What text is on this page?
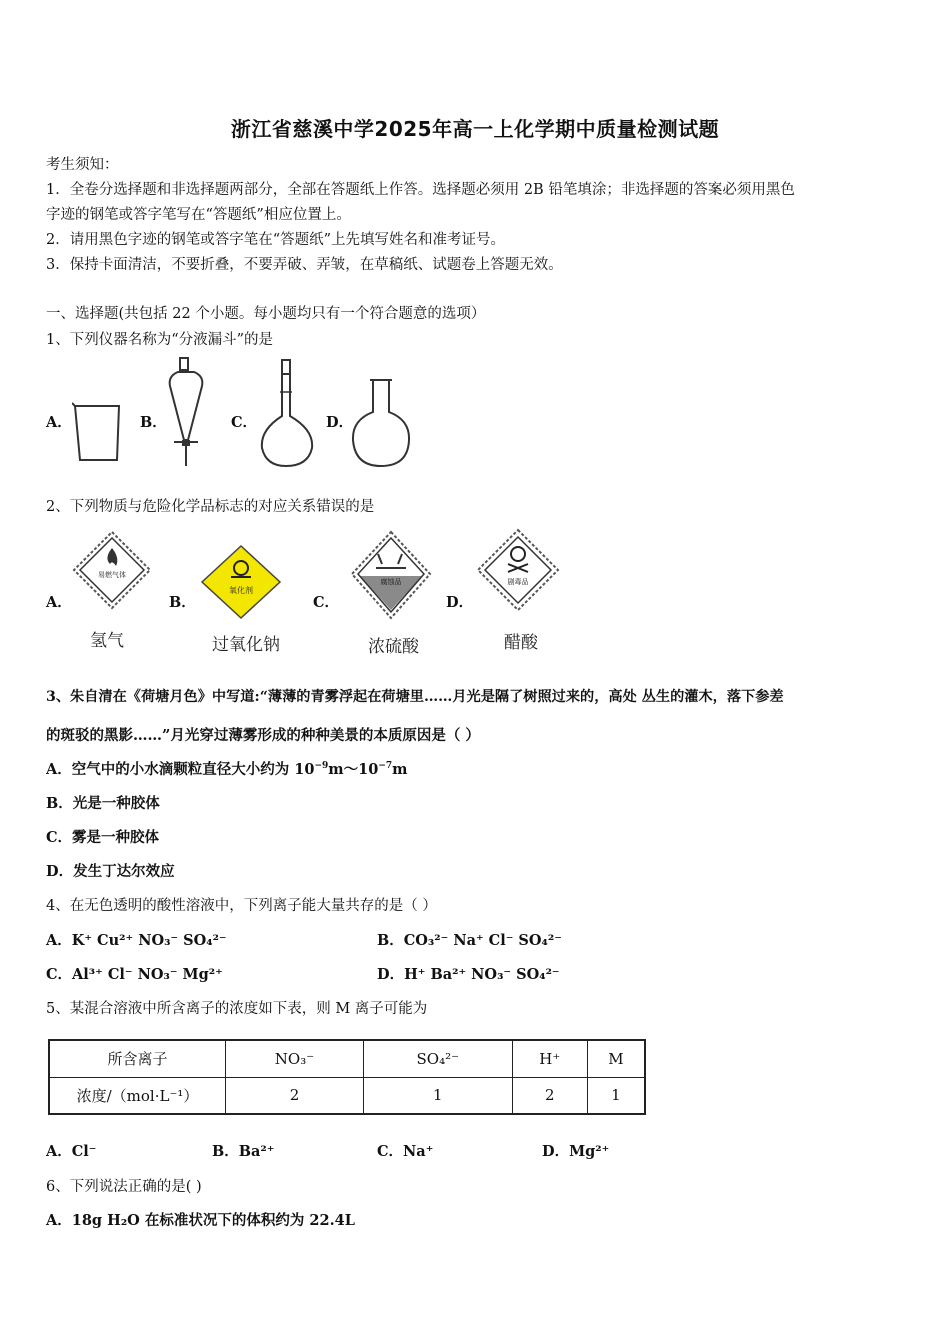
浙江省慈溪中学2025年高一上化学期中质量检测试题
考生须知：
1．全卷分选择题和非选择题两部分，全部在答题纸上作答。选择题必须用 2B 铅笔填涂；非选择题的答案必须用黑色
字迹的钢笔或答字笔写在“答题纸”相应位置上。
2．请用黑色字迹的钢笔或答字笔在“答题纸”上先填写姓名和准考证号。
3．保持卡面清洁，不要折叠，不要弄破、弄皱，在草稿纸、试题卷上答题无效。
一、选择题(共包括 22 个小题。每小题均只有一个符合题意的选项）
1、下列仪器名称为“分液漏斗”的是
A．	B．	C．	D．
2、下列物质与危险化学品标志的对应关系错误的是
A．
易燃气体
氢气
B．
氧化剂
过氧化钠
C．
腐蚀品
浓硫酸
D．
剧毒品
醋酸
3、朱自清在《荷塘月色》中写道:“薄薄的青雾浮起在荷塘里……月光是隔了树照过来的，高处 丛生的灌木，落下参差
的斑驳的黑影……”月光穿过薄雾形成的种种美景的本质原因是（ ）
A．空气中的小水滴颗粒直径大小约为 $10^{-9}m\sim 10^{-7}m$
B．光是一种胶体
C．雾是一种胶体
D．发生丁达尔效应
4、在无色透明的酸性溶液中，下列离子能大量共存的是（ ）
A．K⁺ Cu²⁺ NO₃⁻ SO₄²⁻	B．CO₃²⁻ Na⁺ Cl⁻ SO₄²⁻
C．Al³⁺ Cl⁻ NO₃⁻ Mg²⁺	D．H⁺ Ba²⁺ NO₃⁻ SO₄²⁻
5、某混合溶液中所含离子的浓度如下表，则 M 离子可能为
所含离子	NO₃⁻	SO₄²⁻	H⁺	M
浓度/（mol·L⁻¹）	2	1	2	1
A．Cl⁻	B．Ba²⁺	C．Na⁺	D．Mg²⁺
6、下列说法正确的是( )
A．18g H₂O 在标准状况下的体积约为 22.4L
